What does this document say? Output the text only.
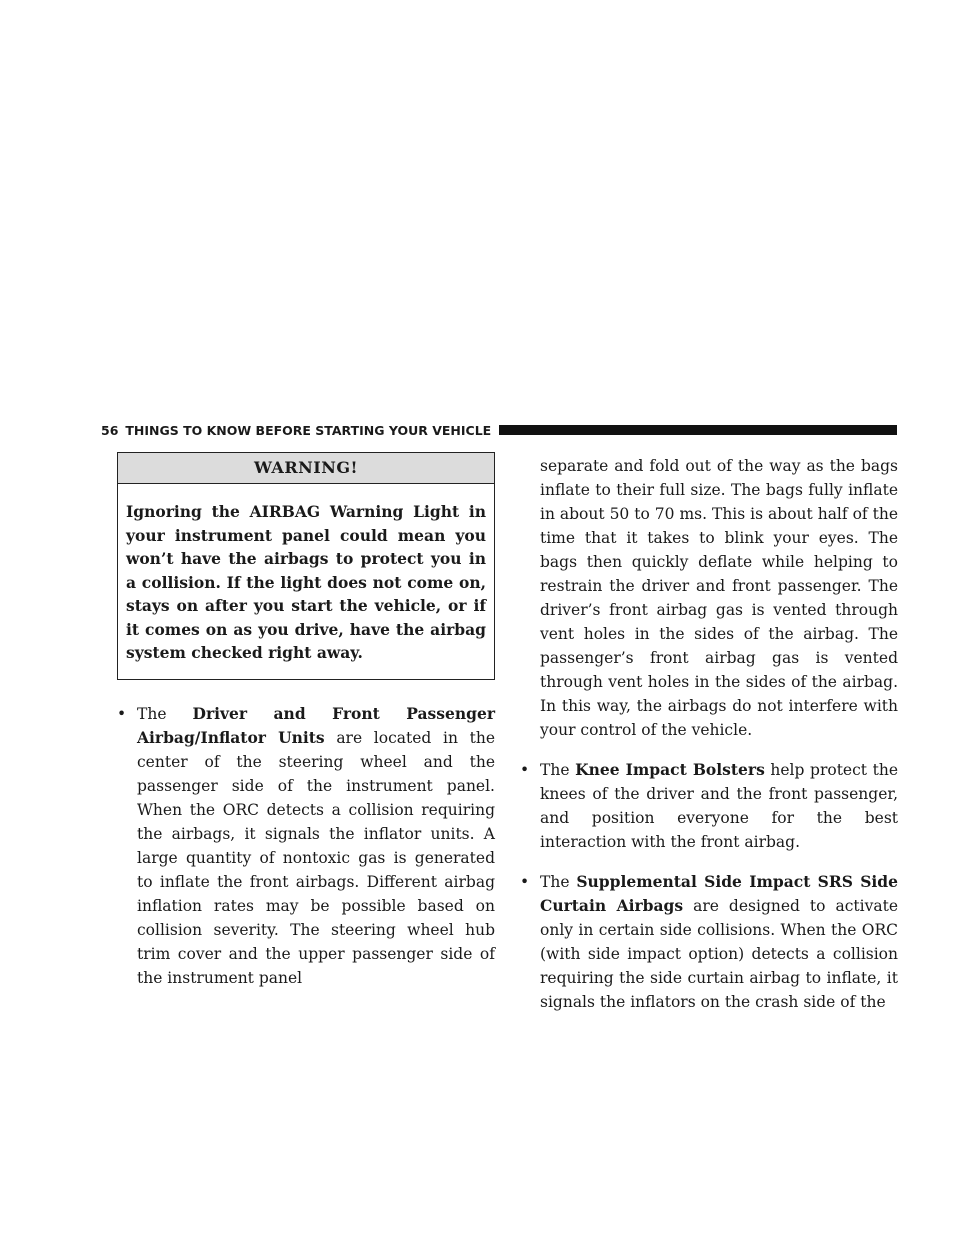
56 THINGS TO KNOW BEFORE STARTING YOUR VEHICLE
WARNING!
Ignoring the AIRBAG Warning Light in your instrument panel could mean you won’t have the airbags to protect you in a collision. If the light does not come on, stays on after you start the vehicle, or if it comes on as you drive, have the airbag system checked right away.
• The Driver and Front Passenger Airbag/Inflator Units are located in the center of the steering wheel and the passenger side of the instrument panel. When the ORC detects a collision requiring the airbags, it signals the inflator units. A large quantity of nontoxic gas is generated to inflate the front airbags. Different airbag inflation rates may be possible based on collision severity. The steering wheel hub trim cover and the upper passenger side of the instrument panel
separate and fold out of the way as the bags inflate to their full size. The bags fully inflate in about 50 to 70 ms. This is about half of the time that it takes to blink your eyes. The bags then quickly deflate while helping to restrain the driver and front passenger. The driver’s front airbag gas is vented through vent holes in the sides of the airbag. The passenger’s front airbag gas is vented through vent holes in the sides of the airbag. In this way, the airbags do not interfere with your control of the vehicle.
• The Knee Impact Bolsters help protect the knees of the driver and the front passenger, and position everyone for the best interaction with the front airbag.
• The Supplemental Side Impact SRS Side Curtain Airbags are designed to activate only in certain side collisions. When the ORC (with side impact option) detects a collision requiring the side curtain airbag to inflate, it signals the inflators on the crash side of the
